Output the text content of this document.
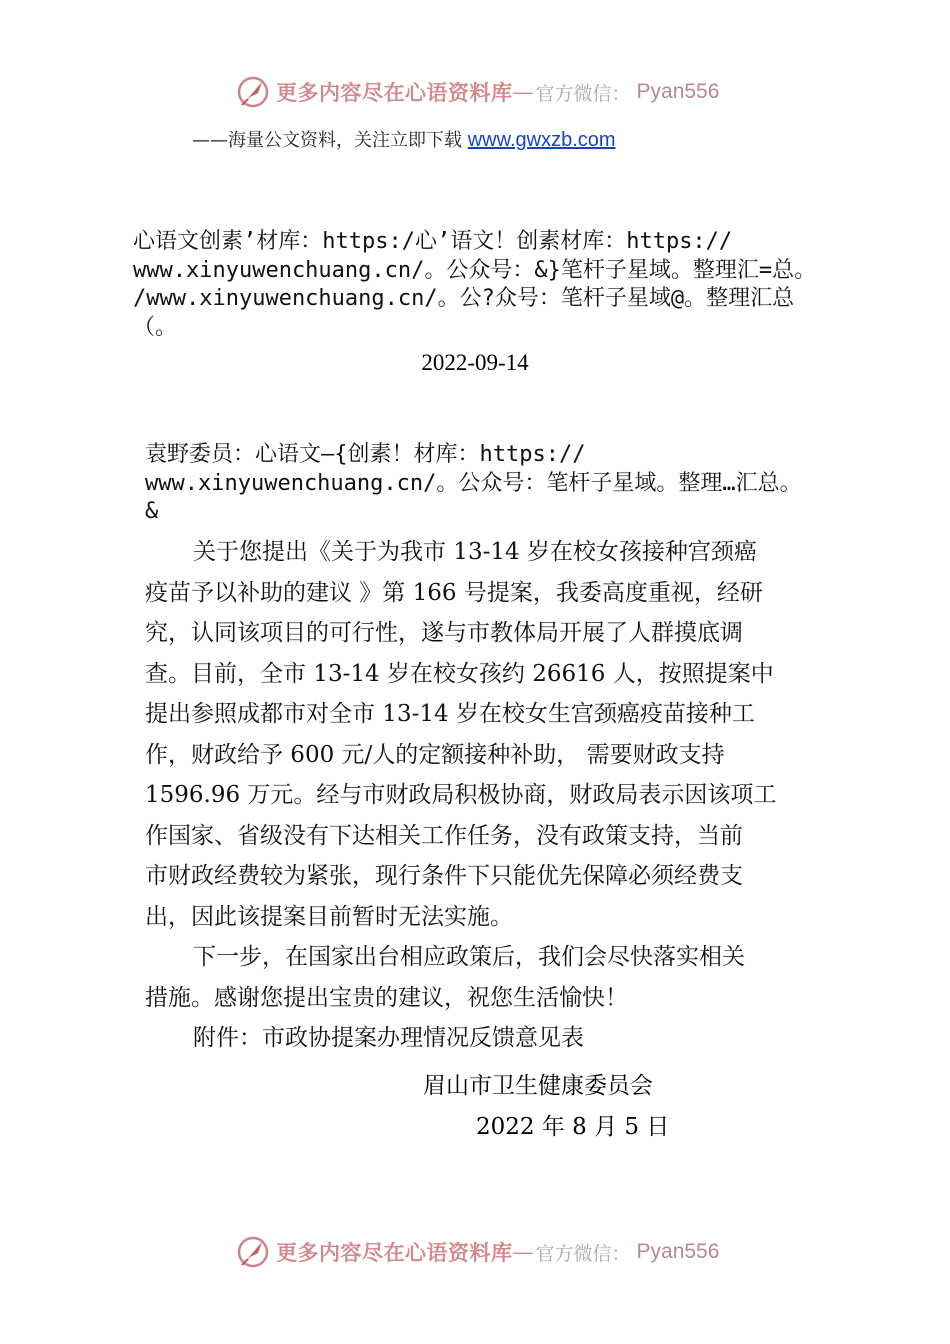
更多内容尽在心语资料库 — 官方微信： Pyan556
——海量公文资料，关注立即下载 www.gwxzb.com
心语文创素’材库：https:/心’语文！创素材库：https://
www.xinyuwenchuang.cn/。公众号：&}笔杆子星域。整理汇=总。
/www.xinyuwenchuang.cn/。公?众号：笔杆子星域@。整理汇总
（。
2022-09-14
袁野委员：心语文—{创素！材库：https://
www.xinyuwenchuang.cn/。公众号：笔杆子星域。整理…汇总。
&
关于您提出《关于为我市 13-14 岁在校女孩接种宫颈癌
疫苗予以补助的建议 》第 166 号提案，我委高度重视，经研
究，认同该项目的可行性，遂与市教体局开展了人群摸底调
查。目前，全市 13-14 岁在校女孩约 26616 人，按照提案中
提出参照成都市对全市 13-14 岁在校女生宫颈癌疫苗接种工
作，财政给予 600 元/人的定额接种补助， 需要财政支持
1596.96 万元。经与市财政局积极协商，财政局表示因该项工
作国家、省级没有下达相关工作任务，没有政策支持，当前
市财政经费较为紧张，现行条件下只能优先保障必须经费支
出，因此该提案目前暂时无法实施。
下一步，在国家出台相应政策后，我们会尽快落实相关
措施。感谢您提出宝贵的建议，祝您生活愉快！
附件：市政协提案办理情况反馈意见表
眉山市卫生健康委员会
2022 年 8 月 5 日
更多内容尽在心语资料库 — 官方微信： Pyan556
